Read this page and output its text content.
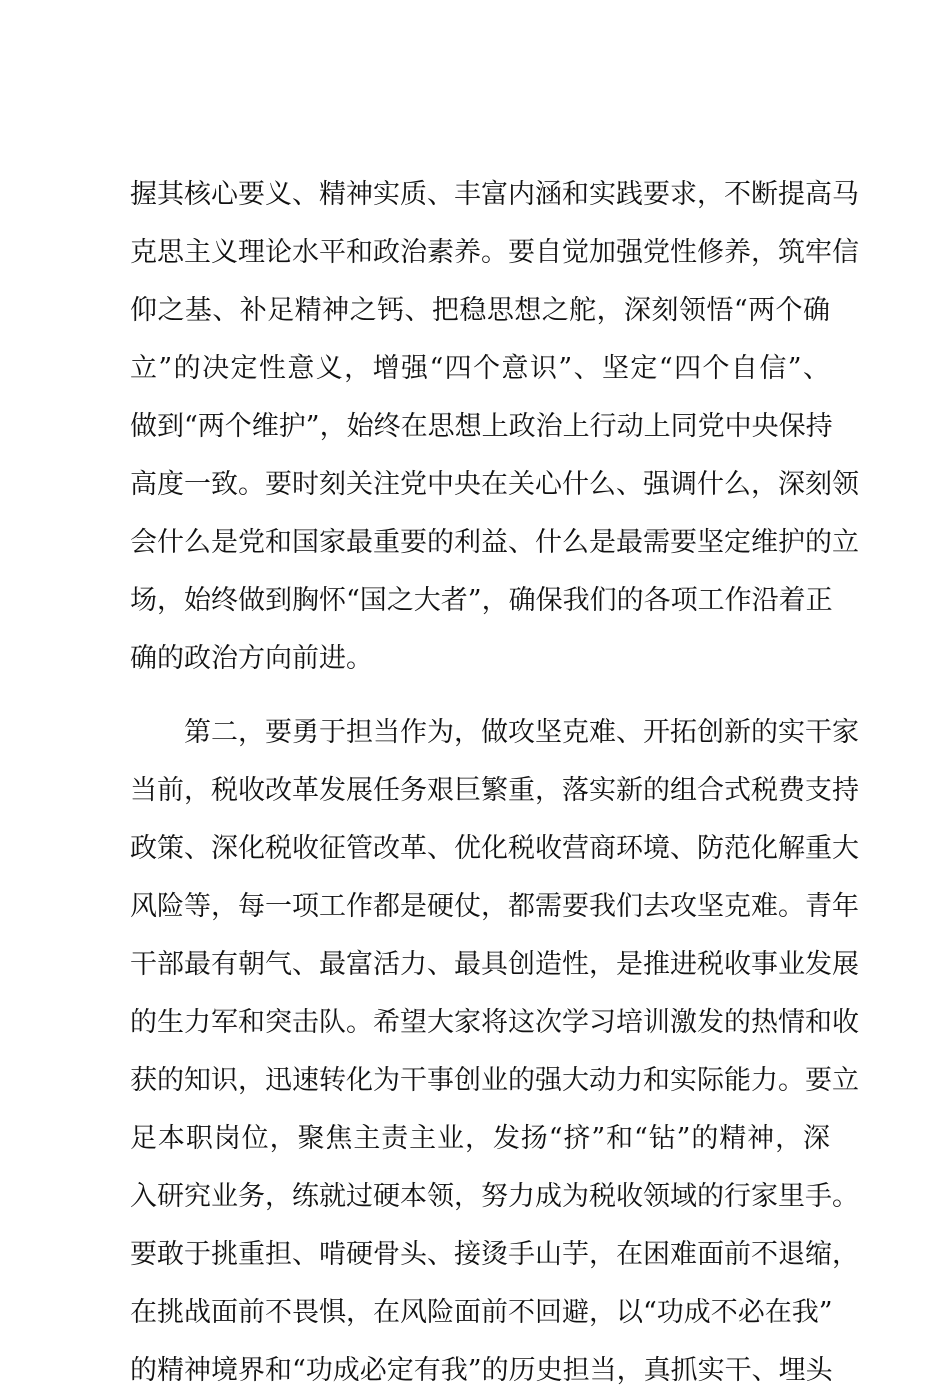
握其核心要义、精神实质、丰富内涵和实践要求，不断提高马
克思主义理论水平和政治素养。要自觉加强党性修养，筑牢信
仰之基、补足精神之钙、把稳思想之舵，深刻领悟“两个确
立”的决定性意义，增强“四个意识”、坚定“四个自信”、
做到“两个维护”，始终在思想上政治上行动上同党中央保持
高度一致。要时刻关注党中央在关心什么、强调什么，深刻领
会什么是党和国家最重要的利益、什么是最需要坚定维护的立
场，始终做到胸怀“国之大者”，确保我们的各项工作沿着正
确的政治方向前进。
第二，要勇于担当作为，做攻坚克难、开拓创新的实干家
当前，税收改革发展任务艰巨繁重，落实新的组合式税费支持
政策、深化税收征管改革、优化税收营商环境、防范化解重大
风险等，每一项工作都是硬仗，都需要我们去攻坚克难。青年
干部最有朝气、最富活力、最具创造性，是推进税收事业发展
的生力军和突击队。希望大家将这次学习培训激发的热情和收
获的知识，迅速转化为干事创业的强大动力和实际能力。要立
足本职岗位，聚焦主责主业，发扬“挤”和“钻”的精神，深
入研究业务，练就过硬本领，努力成为税收领域的行家里手。
要敢于挑重担、啃硬骨头、接烫手山芋，在困难面前不退缩，
在挑战面前不畏惧，在风险面前不回避，以“功成不必在我”
的精神境界和“功成必定有我”的历史担当，真抓实干、埋头
